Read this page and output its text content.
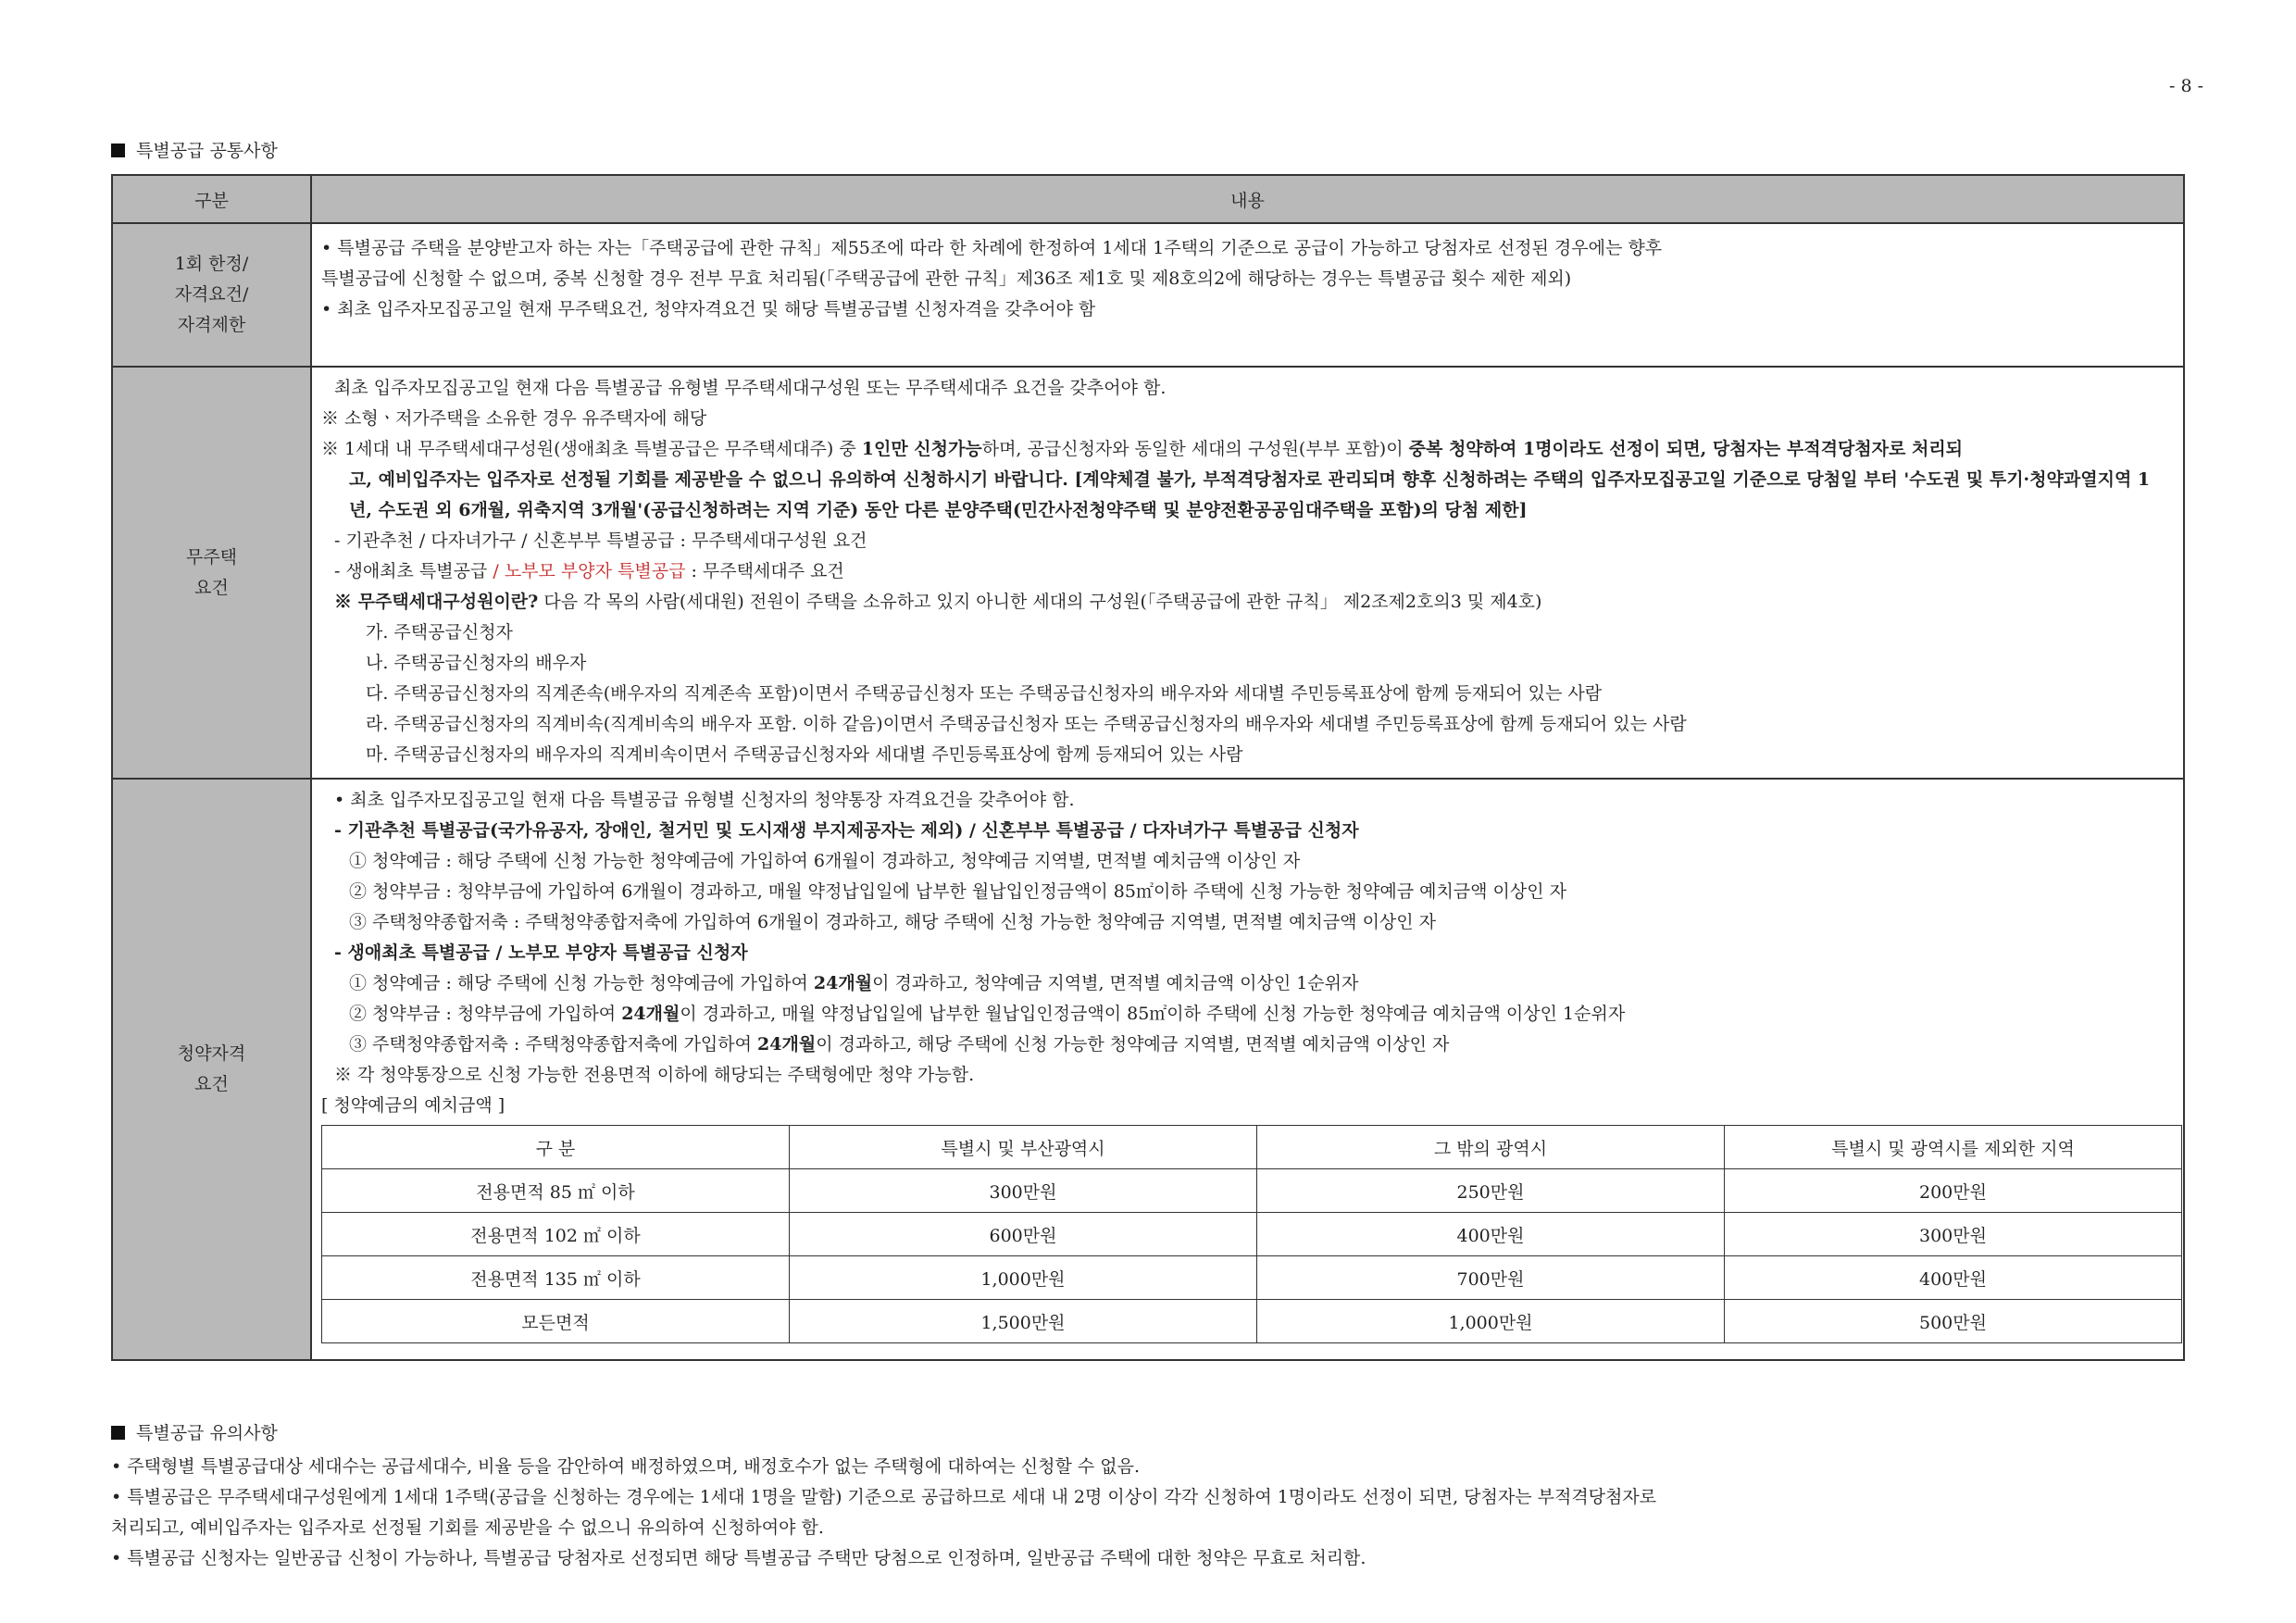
- 8 -
특별공급 공통사항
구분	내용

1회 한정/
자격요건/
자격제한

• 특별공급 주택을 분양받고자 하는 자는「주택공급에 관한 규칙」제55조에 따라 한 차례에 한정하여 1세대 1주택의 기준으로 공급이 가능하고 당첨자로 선정된 경우에는 향후
특별공급에 신청할 수 없으며, 중복 신청할 경우 전부 무효 처리됨(「주택공급에 관한 규칙」제36조 제1호 및 제8호의2에 해당하는 경우는 특별공급 횟수 제한 제외)
• 최초 입주자모집공고일 현재 무주택요건, 청약자격요건 및 해당 특별공급별 신청자격을 갖추어야 함

무주택
요건

최초 입주자모집공고일 현재 다음 특별공급 유형별 무주택세대구성원 또는 무주택세대주 요건을 갖추어야 함.
※ 소형ㆍ저가주택을 소유한 경우 유주택자에 해당
※ 1세대 내 무주택세대구성원(생애최초 특별공급은 무주택세대주) 중 1인만 신청가능하며, 공급신청자와 동일한 세대의 구성원(부부 포함)이 중복 청약하여 1명이라도 선정이 되면, 당첨자는 부적격당첨자로 처리되
고, 예비입주자는 입주자로 선정될 기회를 제공받을 수 없으니 유의하여 신청하시기 바랍니다. [계약체결 불가, 부적격당첨자로 관리되며 향후 신청하려는 주택의 입주자모집공고일 기준으로 당첨일 부터 '수도권 및 투기·청약과열지역 1년, 수도권 외 6개월, 위축지역 3개월'(공급신청하려는 지역 기준) 동안 다른 분양주택(민간사전청약주택 및 분양전환공공임대주택을 포함)의 당첨 제한]
- 기관추천 / 다자녀가구 / 신혼부부 특별공급 : 무주택세대구성원 요건
- 생애최초 특별공급 / 노부모 부양자 특별공급 : 무주택세대주 요건
※ 무주택세대구성원이란? 다음 각 목의 사람(세대원) 전원이 주택을 소유하고 있지 아니한 세대의 구성원(「주택공급에 관한 규칙」 제2조제2호의3 및 제4호)
가. 주택공급신청자
나. 주택공급신청자의 배우자
다. 주택공급신청자의 직계존속(배우자의 직계존속 포함)이면서 주택공급신청자 또는 주택공급신청자의 배우자와 세대별 주민등록표상에 함께 등재되어 있는 사람
라. 주택공급신청자의 직계비속(직계비속의 배우자 포함. 이하 같음)이면서 주택공급신청자 또는 주택공급신청자의 배우자와 세대별 주민등록표상에 함께 등재되어 있는 사람
마. 주택공급신청자의 배우자의 직계비속이면서 주택공급신청자와 세대별 주민등록표상에 함께 등재되어 있는 사람

청약자격
요건

• 최초 입주자모집공고일 현재 다음 특별공급 유형별 신청자의 청약통장 자격요건을 갖추어야 함.
- 기관추천 특별공급(국가유공자, 장애인, 철거민 및 도시재생 부지제공자는 제외) / 신혼부부 특별공급 / 다자녀가구 특별공급 신청자
① 청약예금 : 해당 주택에 신청 가능한 청약예금에 가입하여 6개월이 경과하고, 청약예금 지역별, 면적별 예치금액 이상인 자
② 청약부금 : 청약부금에 가입하여 6개월이 경과하고, 매월 약정납입일에 납부한 월납입인정금액이 85㎡이하 주택에 신청 가능한 청약예금 예치금액 이상인 자
③ 주택청약종합저축 : 주택청약종합저축에 가입하여 6개월이 경과하고, 해당 주택에 신청 가능한 청약예금 지역별, 면적별 예치금액 이상인 자
- 생애최초 특별공급 / 노부모 부양자 특별공급 신청자
① 청약예금 : 해당 주택에 신청 가능한 청약예금에 가입하여 24개월이 경과하고, 청약예금 지역별, 면적별 예치금액 이상인 1순위자
② 청약부금 : 청약부금에 가입하여 24개월이 경과하고, 매월 약정납입일에 납부한 월납입인정금액이 85㎡이하 주택에 신청 가능한 청약예금 예치금액 이상인 1순위자
③ 주택청약종합저축 : 주택청약종합저축에 가입하여 24개월이 경과하고, 해당 주택에 신청 가능한 청약예금 지역별, 면적별 예치금액 이상인 자
※ 각 청약통장으로 신청 가능한 전용면적 이하에 해당되는 주택형에만 청약 가능함.
[ 청약예금의 예치금액 ]
구 분	특별시 및 부산광역시	그 밖의 광역시	특별시 및 광역시를 제외한 지역
전용면적 85 ㎡ 이하	300만원	250만원	200만원
전용면적 102 ㎡ 이하	600만원	400만원	300만원
전용면적 135 ㎡ 이하	1,000만원	700만원	400만원
모든면적	1,500만원	1,000만원	500만원
특별공급 유의사항
• 주택형별 특별공급대상 세대수는 공급세대수, 비율 등을 감안하여 배정하였으며, 배정호수가 없는 주택형에 대하여는 신청할 수 없음.
• 특별공급은 무주택세대구성원에게 1세대 1주택(공급을 신청하는 경우에는 1세대 1명을 말함) 기준으로 공급하므로 세대 내 2명 이상이 각각 신청하여 1명이라도 선정이 되면, 당첨자는 부적격당첨자로
처리되고, 예비입주자는 입주자로 선정될 기회를 제공받을 수 없으니 유의하여 신청하여야 함.
• 특별공급 신청자는 일반공급 신청이 가능하나, 특별공급 당첨자로 선정되면 해당 특별공급 주택만 당첨으로 인정하며, 일반공급 주택에 대한 청약은 무효로 처리함.
